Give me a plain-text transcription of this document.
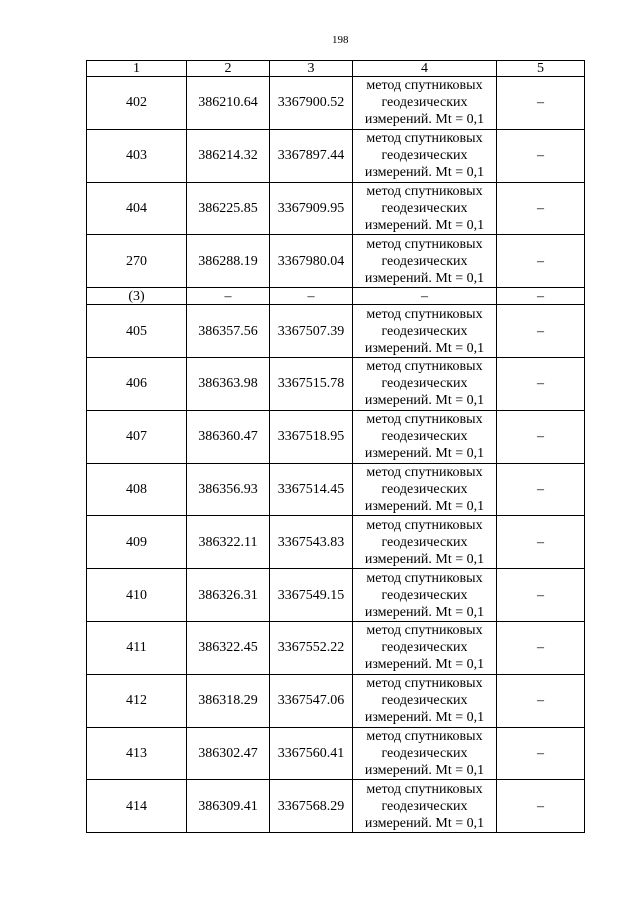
198
1	2	3	4	5
402	386210.64	3367900.52	метод спутниковых
геодезических
измерений. Mt = 0,1	–
403	386214.32	3367897.44	метод спутниковых
геодезических
измерений. Mt = 0,1	–
404	386225.85	3367909.95	метод спутниковых
геодезических
измерений. Mt = 0,1	–
270	386288.19	3367980.04	метод спутниковых
геодезических
измерений. Mt = 0,1	–
(3)	–	–	–	–
405	386357.56	3367507.39	метод спутниковых
геодезических
измерений. Mt = 0,1	–
406	386363.98	3367515.78	метод спутниковых
геодезических
измерений. Mt = 0,1	–
407	386360.47	3367518.95	метод спутниковых
геодезических
измерений. Mt = 0,1	–
408	386356.93	3367514.45	метод спутниковых
геодезических
измерений. Mt = 0,1	–
409	386322.11	3367543.83	метод спутниковых
геодезических
измерений. Mt = 0,1	–
410	386326.31	3367549.15	метод спутниковых
геодезических
измерений. Mt = 0,1	–
411	386322.45	3367552.22	метод спутниковых
геодезических
измерений. Mt = 0,1	–
412	386318.29	3367547.06	метод спутниковых
геодезических
измерений. Mt = 0,1	–
413	386302.47	3367560.41	метод спутниковых
геодезических
измерений. Mt = 0,1	–
414	386309.41	3367568.29	метод спутниковых
геодезических
измерений. Mt = 0,1	–
